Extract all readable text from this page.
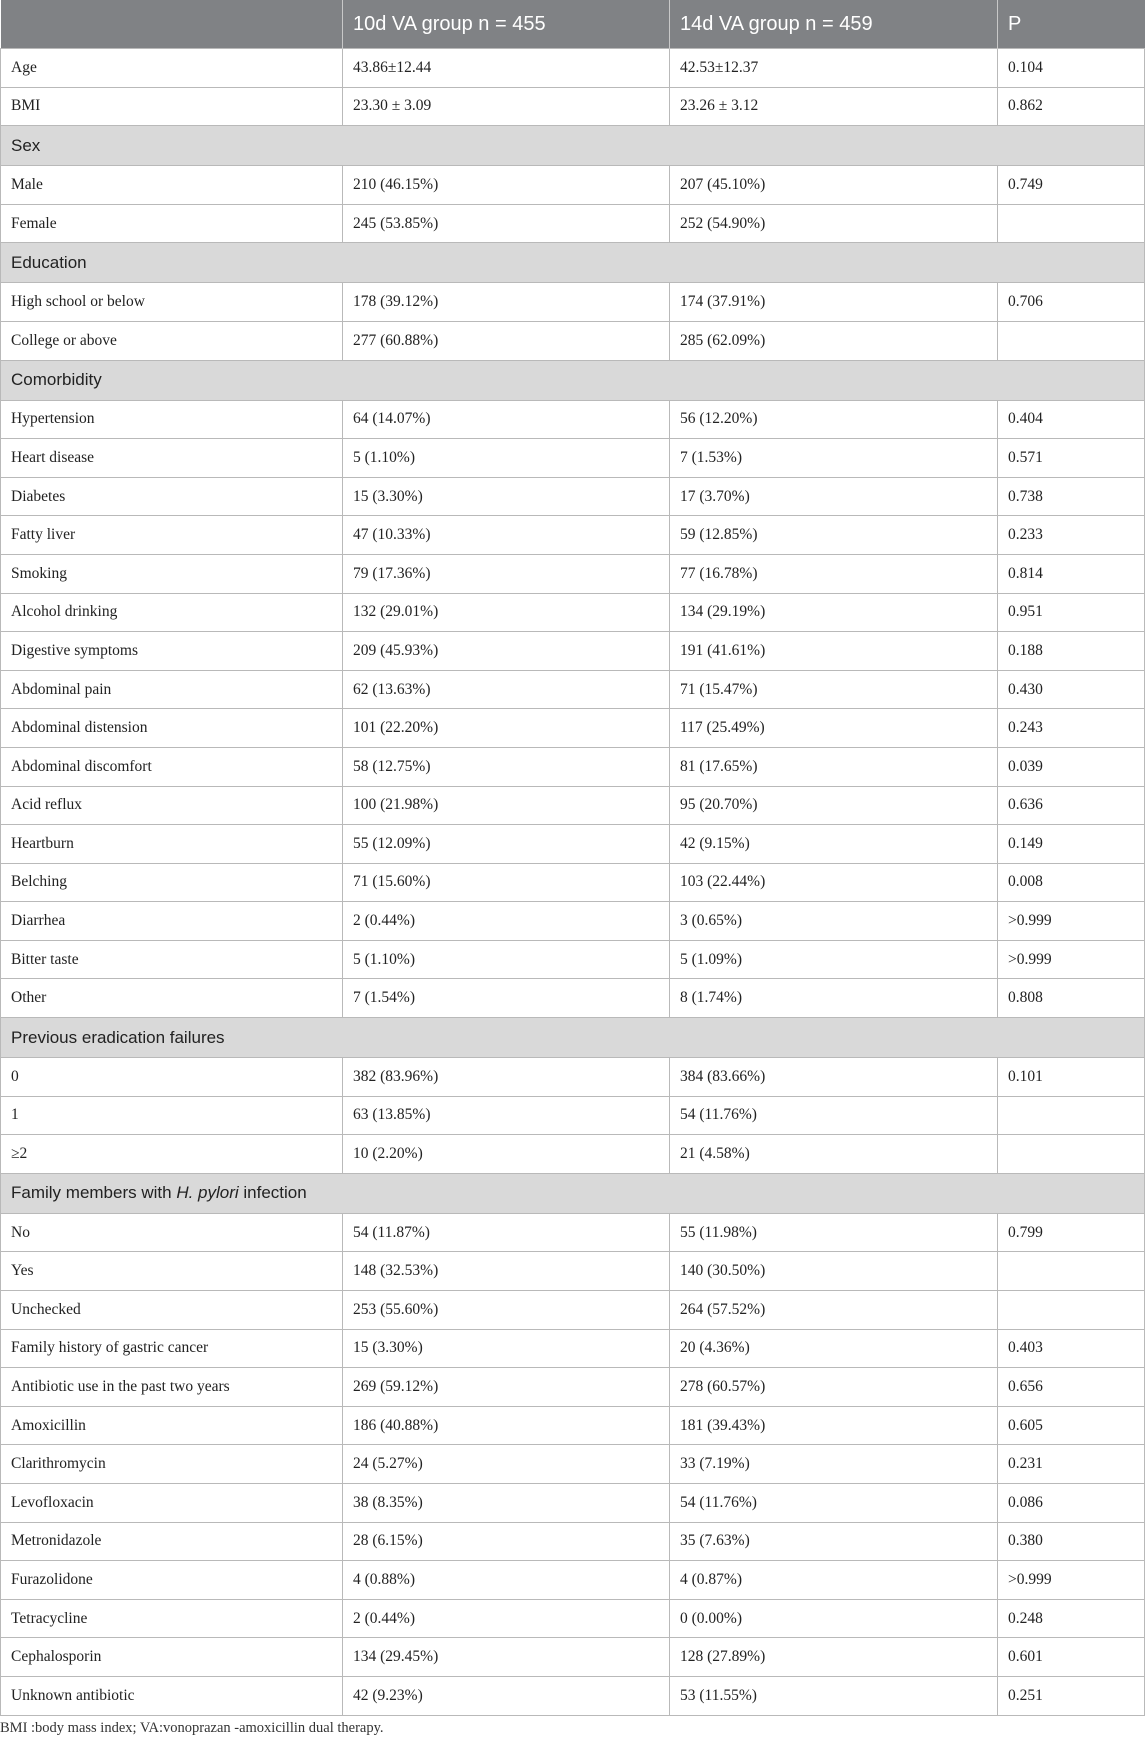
	10d VA group n = 455	14d VA group n = 459	P
Age	43.86±12.44	42.53±12.37	0.104
BMI	23.30 ± 3.09	23.26 ± 3.12	0.862
Sex			
Male	210 (46.15%)	207 (45.10%)	0.749
Female	245 (53.85%)	252 (54.90%)	
Education			
High school or below	178 (39.12%)	174 (37.91%)	0.706
College or above	277 (60.88%)	285 (62.09%)	
Comorbidity			
Hypertension	64 (14.07%)	56 (12.20%)	0.404
Heart disease	5 (1.10%)	7 (1.53%)	0.571
Diabetes	15 (3.30%)	17 (3.70%)	0.738
Fatty liver	47 (10.33%)	59 (12.85%)	0.233
Smoking	79 (17.36%)	77 (16.78%)	0.814
Alcohol drinking	132 (29.01%)	134 (29.19%)	0.951
Digestive symptoms	209 (45.93%)	191 (41.61%)	0.188
Abdominal pain	62 (13.63%)	71 (15.47%)	0.430
Abdominal distension	101 (22.20%)	117 (25.49%)	0.243
Abdominal discomfort	58 (12.75%)	81 (17.65%)	0.039
Acid reflux	100 (21.98%)	95 (20.70%)	0.636
Heartburn	55 (12.09%)	42 (9.15%)	0.149
Belching	71 (15.60%)	103 (22.44%)	0.008
Diarrhea	2 (0.44%)	3 (0.65%)	>0.999
Bitter taste	5 (1.10%)	5 (1.09%)	>0.999
Other	7 (1.54%)	8 (1.74%)	0.808
Previous eradication failures			
0	382 (83.96%)	384 (83.66%)	0.101
1	63 (13.85%)	54 (11.76%)	
≥2	10 (2.20%)	21 (4.58%)	
Family members with H. pylori infection			
No	54 (11.87%)	55 (11.98%)	0.799
Yes	148 (32.53%)	140 (30.50%)	
Unchecked	253 (55.60%)	264 (57.52%)	
Family history of gastric cancer	15 (3.30%)	20 (4.36%)	0.403
Antibiotic use in the past two years	269 (59.12%)	278 (60.57%)	0.656
Amoxicillin	186 (40.88%)	181 (39.43%)	0.605
Clarithromycin	24 (5.27%)	33 (7.19%)	0.231
Levofloxacin	38 (8.35%)	54 (11.76%)	0.086
Metronidazole	28 (6.15%)	35 (7.63%)	0.380
Furazolidone	4 (0.88%)	4 (0.87%)	>0.999
Tetracycline	2 (0.44%)	0 (0.00%)	0.248
Cephalosporin	134 (29.45%)	128 (27.89%)	0.601
Unknown antibiotic	42 (9.23%)	53 (11.55%)	0.251

BMI :body mass index; VA:vonoprazan -amoxicillin dual therapy.
